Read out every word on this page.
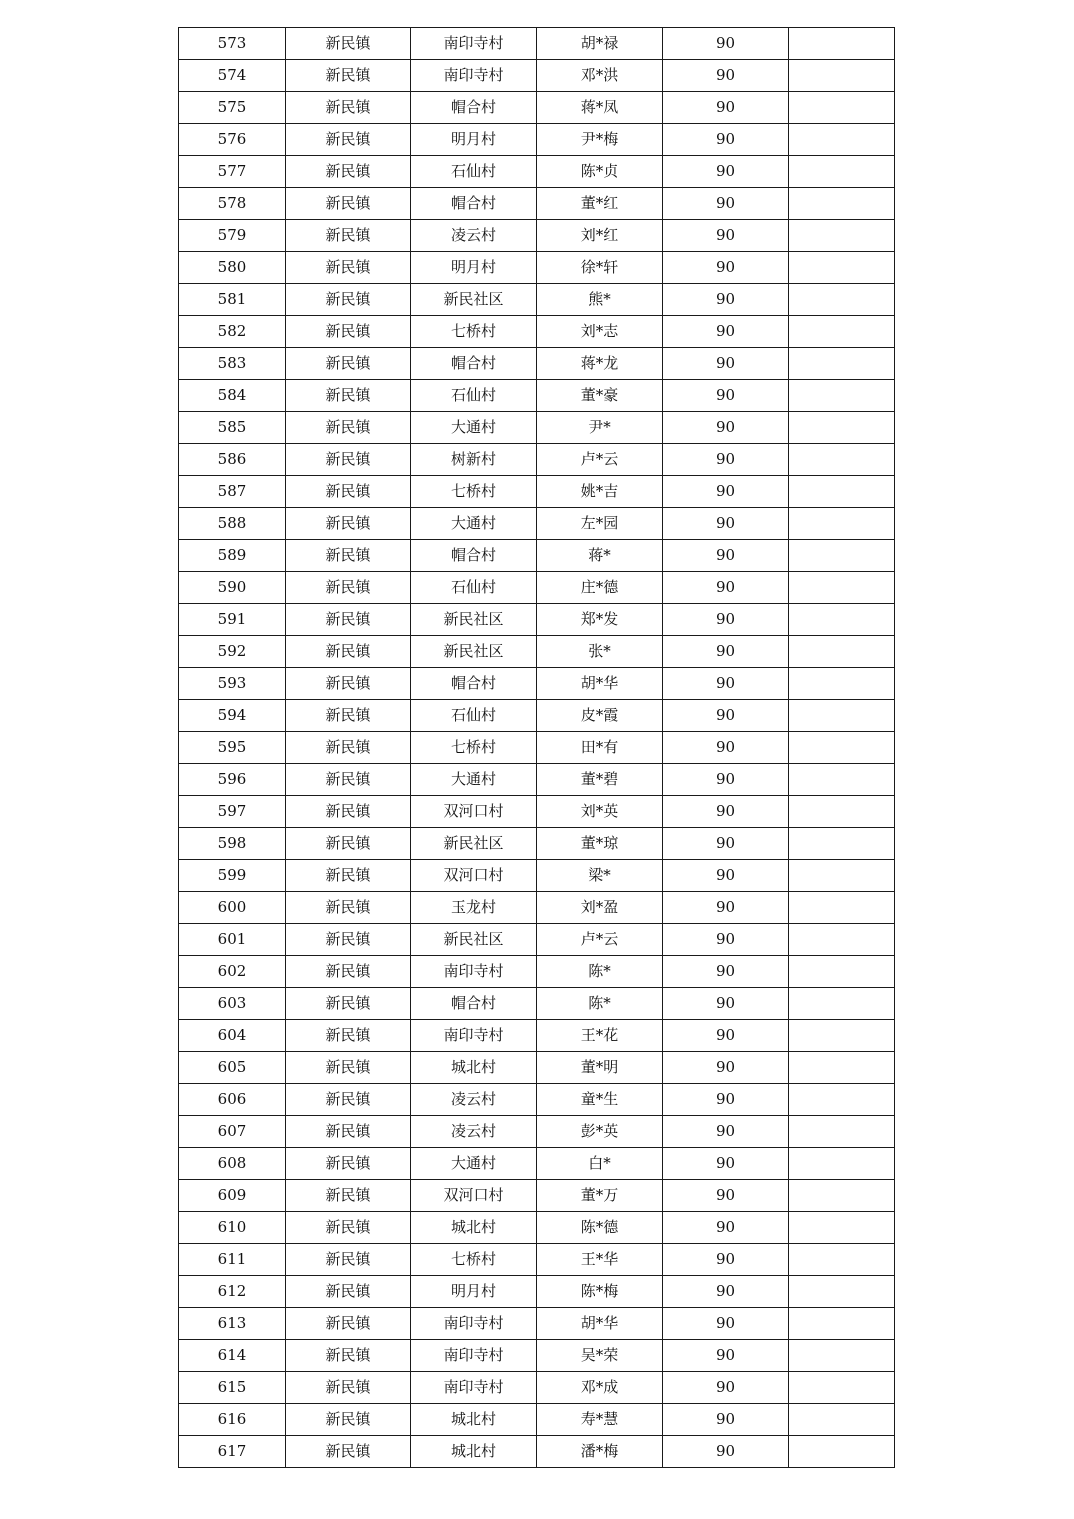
573	新民镇	南印寺村	胡*禄	90	
574	新民镇	南印寺村	邓*洪	90	
575	新民镇	帽合村	蒋*凤	90	
576	新民镇	明月村	尹*梅	90	
577	新民镇	石仙村	陈*贞	90	
578	新民镇	帽合村	董*红	90	
579	新民镇	凌云村	刘*红	90	
580	新民镇	明月村	徐*轩	90	
581	新民镇	新民社区	熊*	90	
582	新民镇	七桥村	刘*志	90	
583	新民镇	帽合村	蒋*龙	90	
584	新民镇	石仙村	董*豪	90	
585	新民镇	大通村	尹*	90	
586	新民镇	树新村	卢*云	90	
587	新民镇	七桥村	姚*吉	90	
588	新民镇	大通村	左*园	90	
589	新民镇	帽合村	蒋*	90	
590	新民镇	石仙村	庄*德	90	
591	新民镇	新民社区	郑*发	90	
592	新民镇	新民社区	张*	90	
593	新民镇	帽合村	胡*华	90	
594	新民镇	石仙村	皮*霞	90	
595	新民镇	七桥村	田*有	90	
596	新民镇	大通村	董*碧	90	
597	新民镇	双河口村	刘*英	90	
598	新民镇	新民社区	董*琼	90	
599	新民镇	双河口村	梁*	90	
600	新民镇	玉龙村	刘*盈	90	
601	新民镇	新民社区	卢*云	90	
602	新民镇	南印寺村	陈*	90	
603	新民镇	帽合村	陈*	90	
604	新民镇	南印寺村	王*花	90	
605	新民镇	城北村	董*明	90	
606	新民镇	凌云村	童*生	90	
607	新民镇	凌云村	彭*英	90	
608	新民镇	大通村	白*	90	
609	新民镇	双河口村	董*万	90	
610	新民镇	城北村	陈*德	90	
611	新民镇	七桥村	王*华	90	
612	新民镇	明月村	陈*梅	90	
613	新民镇	南印寺村	胡*华	90	
614	新民镇	南印寺村	吴*荣	90	
615	新民镇	南印寺村	邓*成	90	
616	新民镇	城北村	寿*慧	90	
617	新民镇	城北村	潘*梅	90	
